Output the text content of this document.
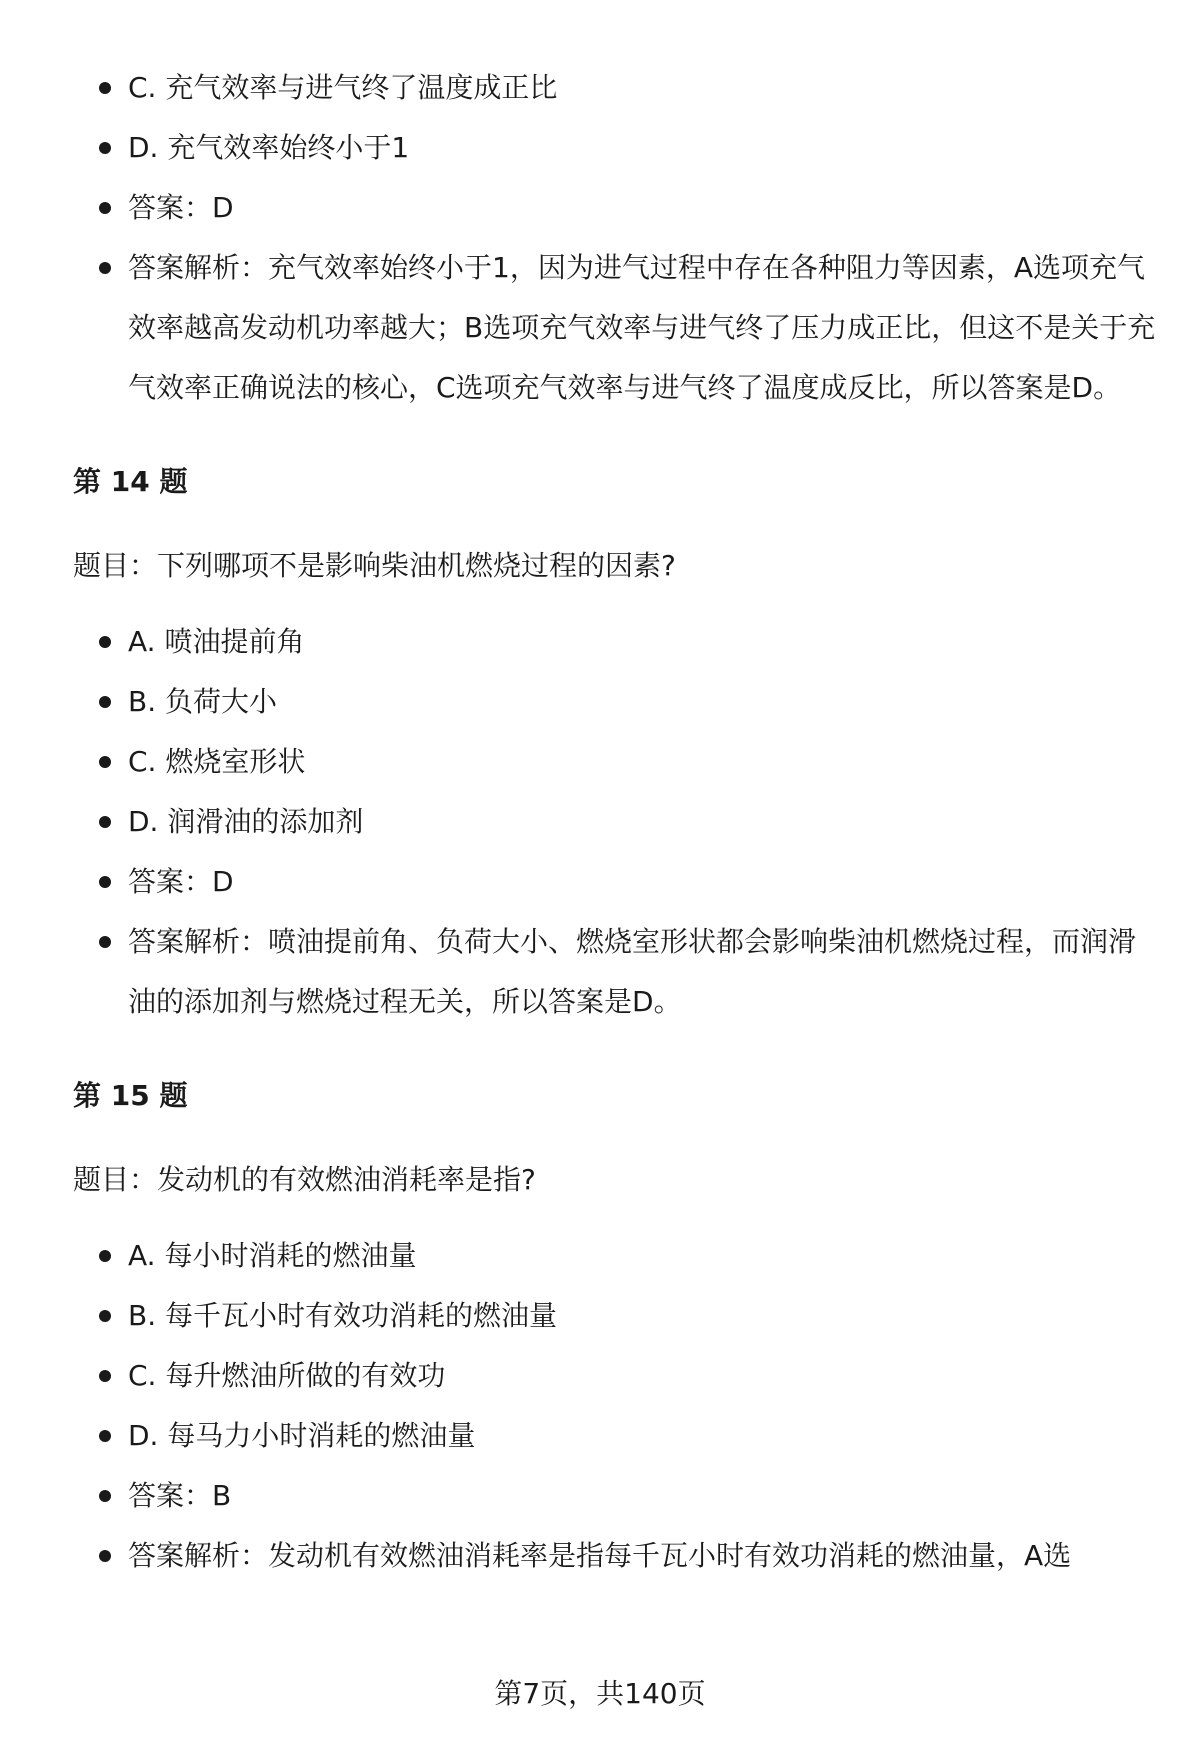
C. 充气效率与进气终了温度成正比
D. 充气效率始终小于1
答案：D
答案解析：充气效率始终小于1，因为进气过程中存在各种阻力等因素，A选项充气效率越高发动机功率越大；B选项充气效率与进气终了压力成正比，但这不是关于充气效率正确说法的核心，C选项充气效率与进气终了温度成反比，所以答案是D。
第 14 题
题目：下列哪项不是影响柴油机燃烧过程的因素?
A. 喷油提前角
B. 负荷大小
C. 燃烧室形状
D. 润滑油的添加剂
答案：D
答案解析：喷油提前角、负荷大小、燃烧室形状都会影响柴油机燃烧过程，而润滑油的添加剂与燃烧过程无关，所以答案是D。
第 15 题
题目：发动机的有效燃油消耗率是指?
A. 每小时消耗的燃油量
B. 每千瓦小时有效功消耗的燃油量
C. 每升燃油所做的有效功
D. 每马力小时消耗的燃油量
答案：B
答案解析：发动机有效燃油消耗率是指每千瓦小时有效功消耗的燃油量，A选
第7页，共140页
